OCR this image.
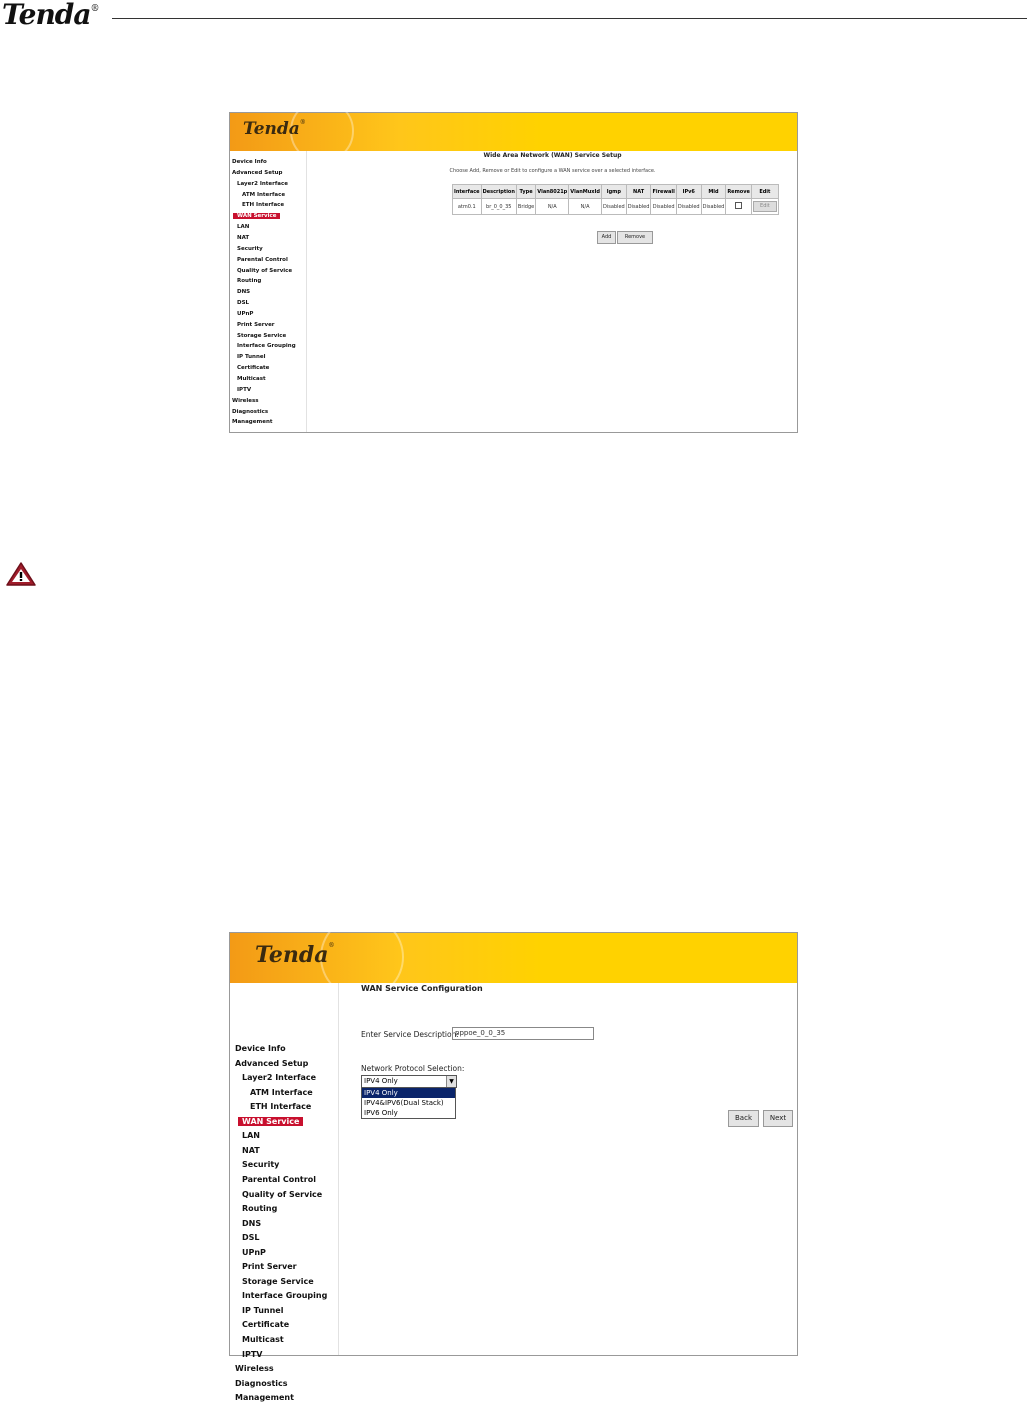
Tenda®
Tenda®
Device Info
Advanced Setup
Layer2 Interface
ATM Interface
ETH Interface
WAN Service
LAN
NAT
Security
Parental Control
Quality of Service
Routing
DNS
DSL
UPnP
Print Server
Storage Service
Interface Grouping
IP Tunnel
Certificate
Multicast
IPTV
Wireless
Diagnostics
Management
Wide Area Network (WAN) Service Setup
Choose Add, Remove or Edit to configure a WAN service over a selected interface.
Interface	Description	Type	Vlan8021p	VlanMuxId	Igmp	NAT	Firewall	IPv6	Mld	Remove	Edit
atm0.1	br_0_0_35	Bridge	N/A	N/A	Disabled	Disabled	Disabled	Disabled	Disabled		Edit
Add	Remove
Tenda®
Device Info
Advanced Setup
Layer2 Interface
ATM Interface
ETH Interface
WAN Service
LAN
NAT
Security
Parental Control
Quality of Service
Routing
DNS
DSL
UPnP
Print Server
Storage Service
Interface Grouping
IP Tunnel
Certificate
Multicast
IPTV
Wireless
Diagnostics
Management
WAN Service Configuration
Enter Service Description:
pppoe_0_0_35
Network Protocol Selection:
IPV4 Only	▼
IPV4 Only
IPV4&IPV6(Dual Stack)
IPV6 Only
Back	Next
